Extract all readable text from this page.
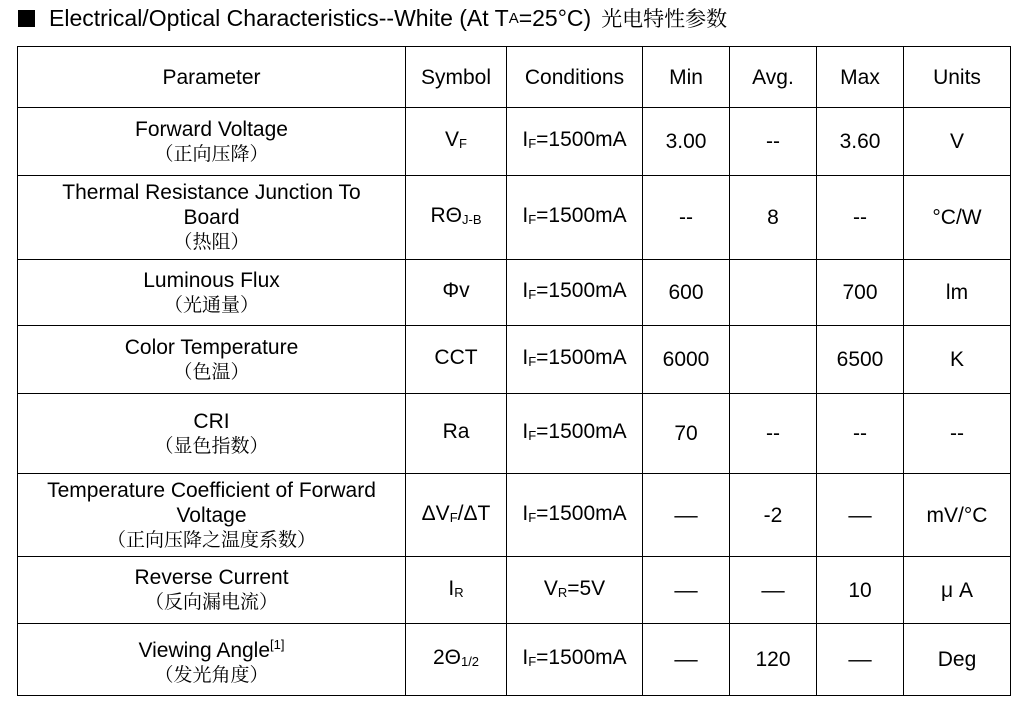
Electrical/Optical Characteristics--White (At T A =25°C) 光电特性参数
Parameter	Symbol	Conditions	Min	Avg.	Max	Units

Forward Voltage
（正向压降）	$V_F$	$I_F=1500mA$	3.00	--	3.60	V

Thermal Resistance Junction To
Board
（热阻）	$R\Theta_{J-B}$	$I_F=1500mA$	--	8	--	°C/W

Luminous Flux
（光通量）	Φv	$I_F=1500mA$	600		700	lm

Color Temperature
（色温）	CCT	$I_F=1500mA$	6000		6500	K

CRI
（显色指数）	Ra	$I_F=1500mA$	70	--	--	--

Temperature Coefficient of Forward
Voltage
（正向压降之温度系数）	$\Delta V_F/\Delta T$	$I_F=1500mA$	––	-2	––	mV/°C

Reverse Current
（反向漏电流）	$I_R$	$V_R=5V$	––	––	10	μ A

Viewing Angle[1]
（发光角度）	$2\Theta_{1/2}$	$I_F=1500mA$	––	120	––	Deg
